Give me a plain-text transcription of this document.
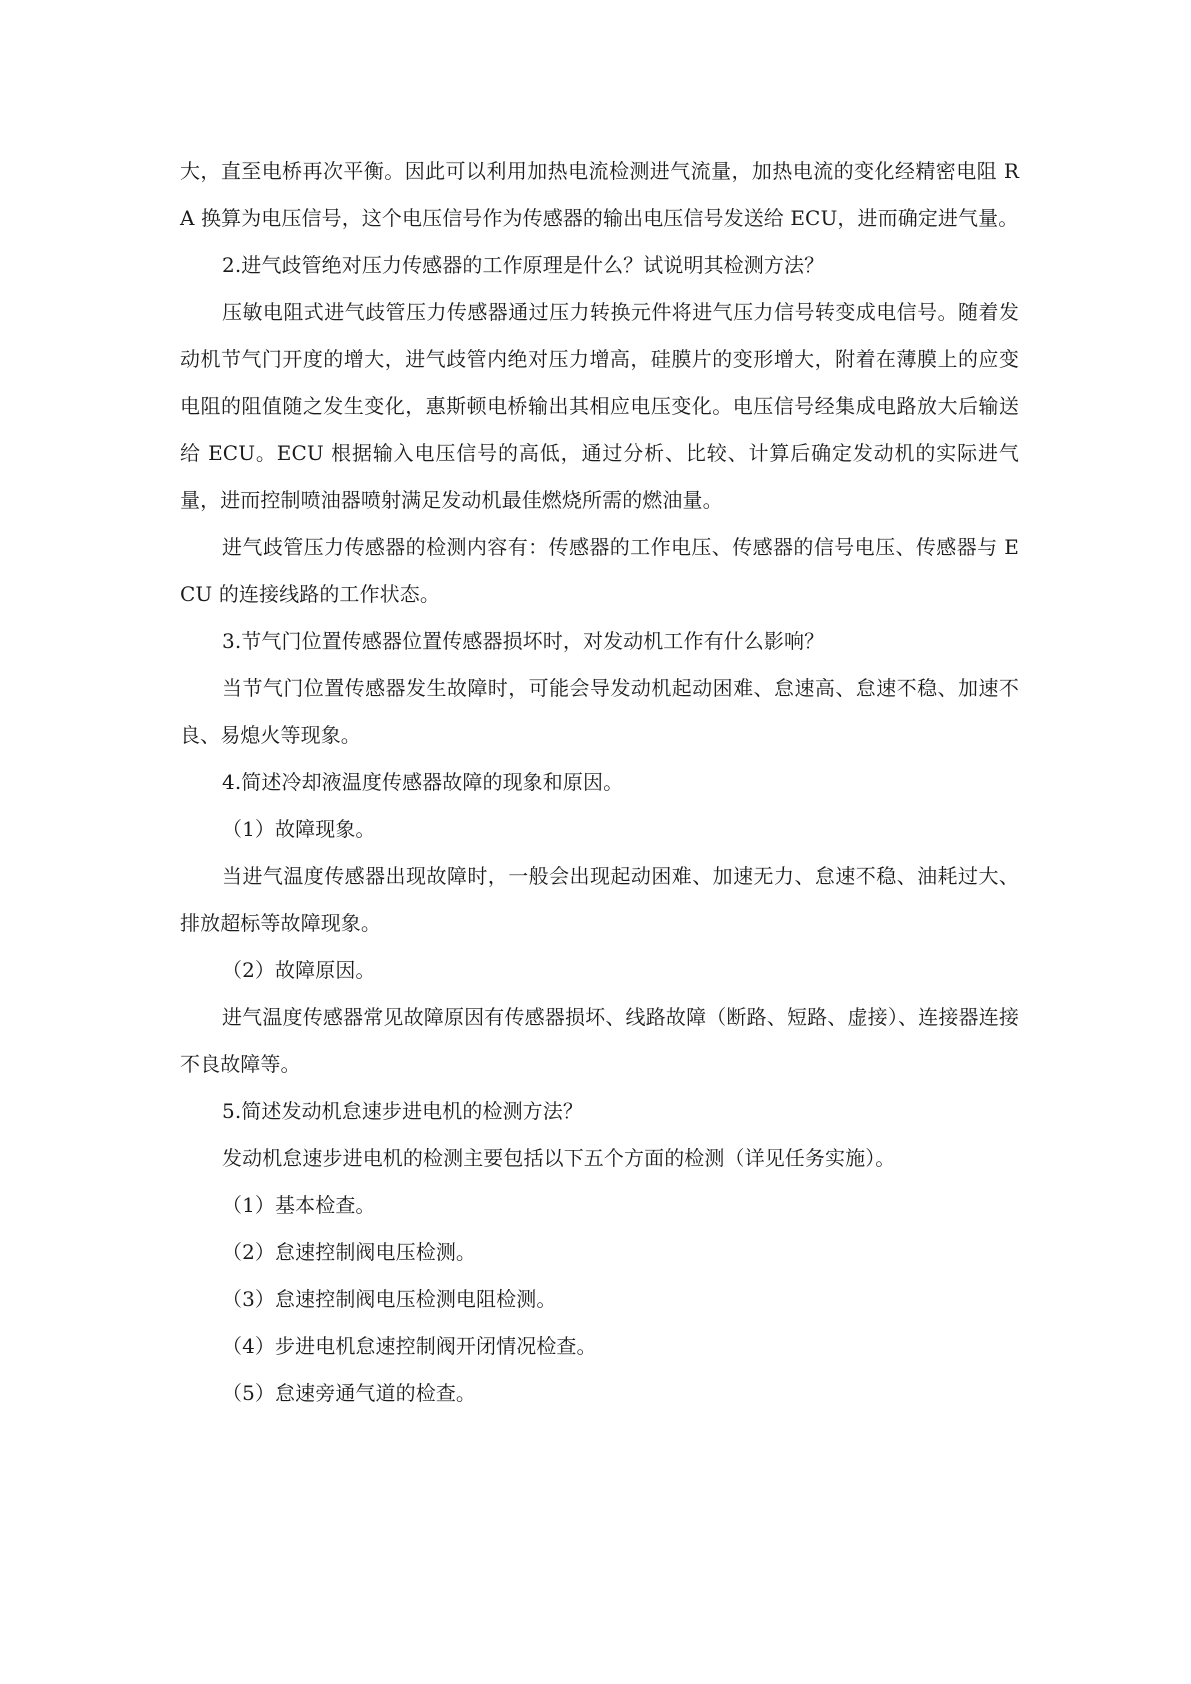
大，直至电桥再次平衡。因此可以利用加热电流检测进气流量，加热电流的变化经精密电阻 RA 换算为电压信号，这个电压信号作为传感器的输出电压信号发送给 ECU，进而确定进气量。

2.进气歧管绝对压力传感器的工作原理是什么？试说明其检测方法？

压敏电阻式进气歧管压力传感器通过压力转换元件将进气压力信号转变成电信号。随着发动机节气门开度的增大，进气歧管内绝对压力增高，硅膜片的变形增大，附着在薄膜上的应变电阻的阻值随之发生变化，惠斯顿电桥输出其相应电压变化。电压信号经集成电路放大后输送给 ECU。ECU 根据输入电压信号的高低，通过分析、比较、计算后确定发动机的实际进气量，进而控制喷油器喷射满足发动机最佳燃烧所需的燃油量。

进气歧管压力传感器的检测内容有：传感器的工作电压、传感器的信号电压、传感器与 ECU 的连接线路的工作状态。

3.节气门位置传感器位置传感器损坏时，对发动机工作有什么影响？

当节气门位置传感器发生故障时，可能会导发动机起动困难、怠速高、怠速不稳、加速不良、易熄火等现象。

4.简述冷却液温度传感器故障的现象和原因。

（1）故障现象。

当进气温度传感器出现故障时，一般会出现起动困难、加速无力、怠速不稳、油耗过大、排放超标等故障现象。

（2）故障原因。

进气温度传感器常见故障原因有传感器损坏、线路故障（断路、短路、虚接）、连接器连接不良故障等。

5.简述发动机怠速步进电机的检测方法？

发动机怠速步进电机的检测主要包括以下五个方面的检测（详见任务实施）。

（1）基本检查。

（2）怠速控制阀电压检测。

（3）怠速控制阀电压检测电阻检测。

（4）步进电机怠速控制阀开闭情况检查。

（5）怠速旁通气道的检查。
